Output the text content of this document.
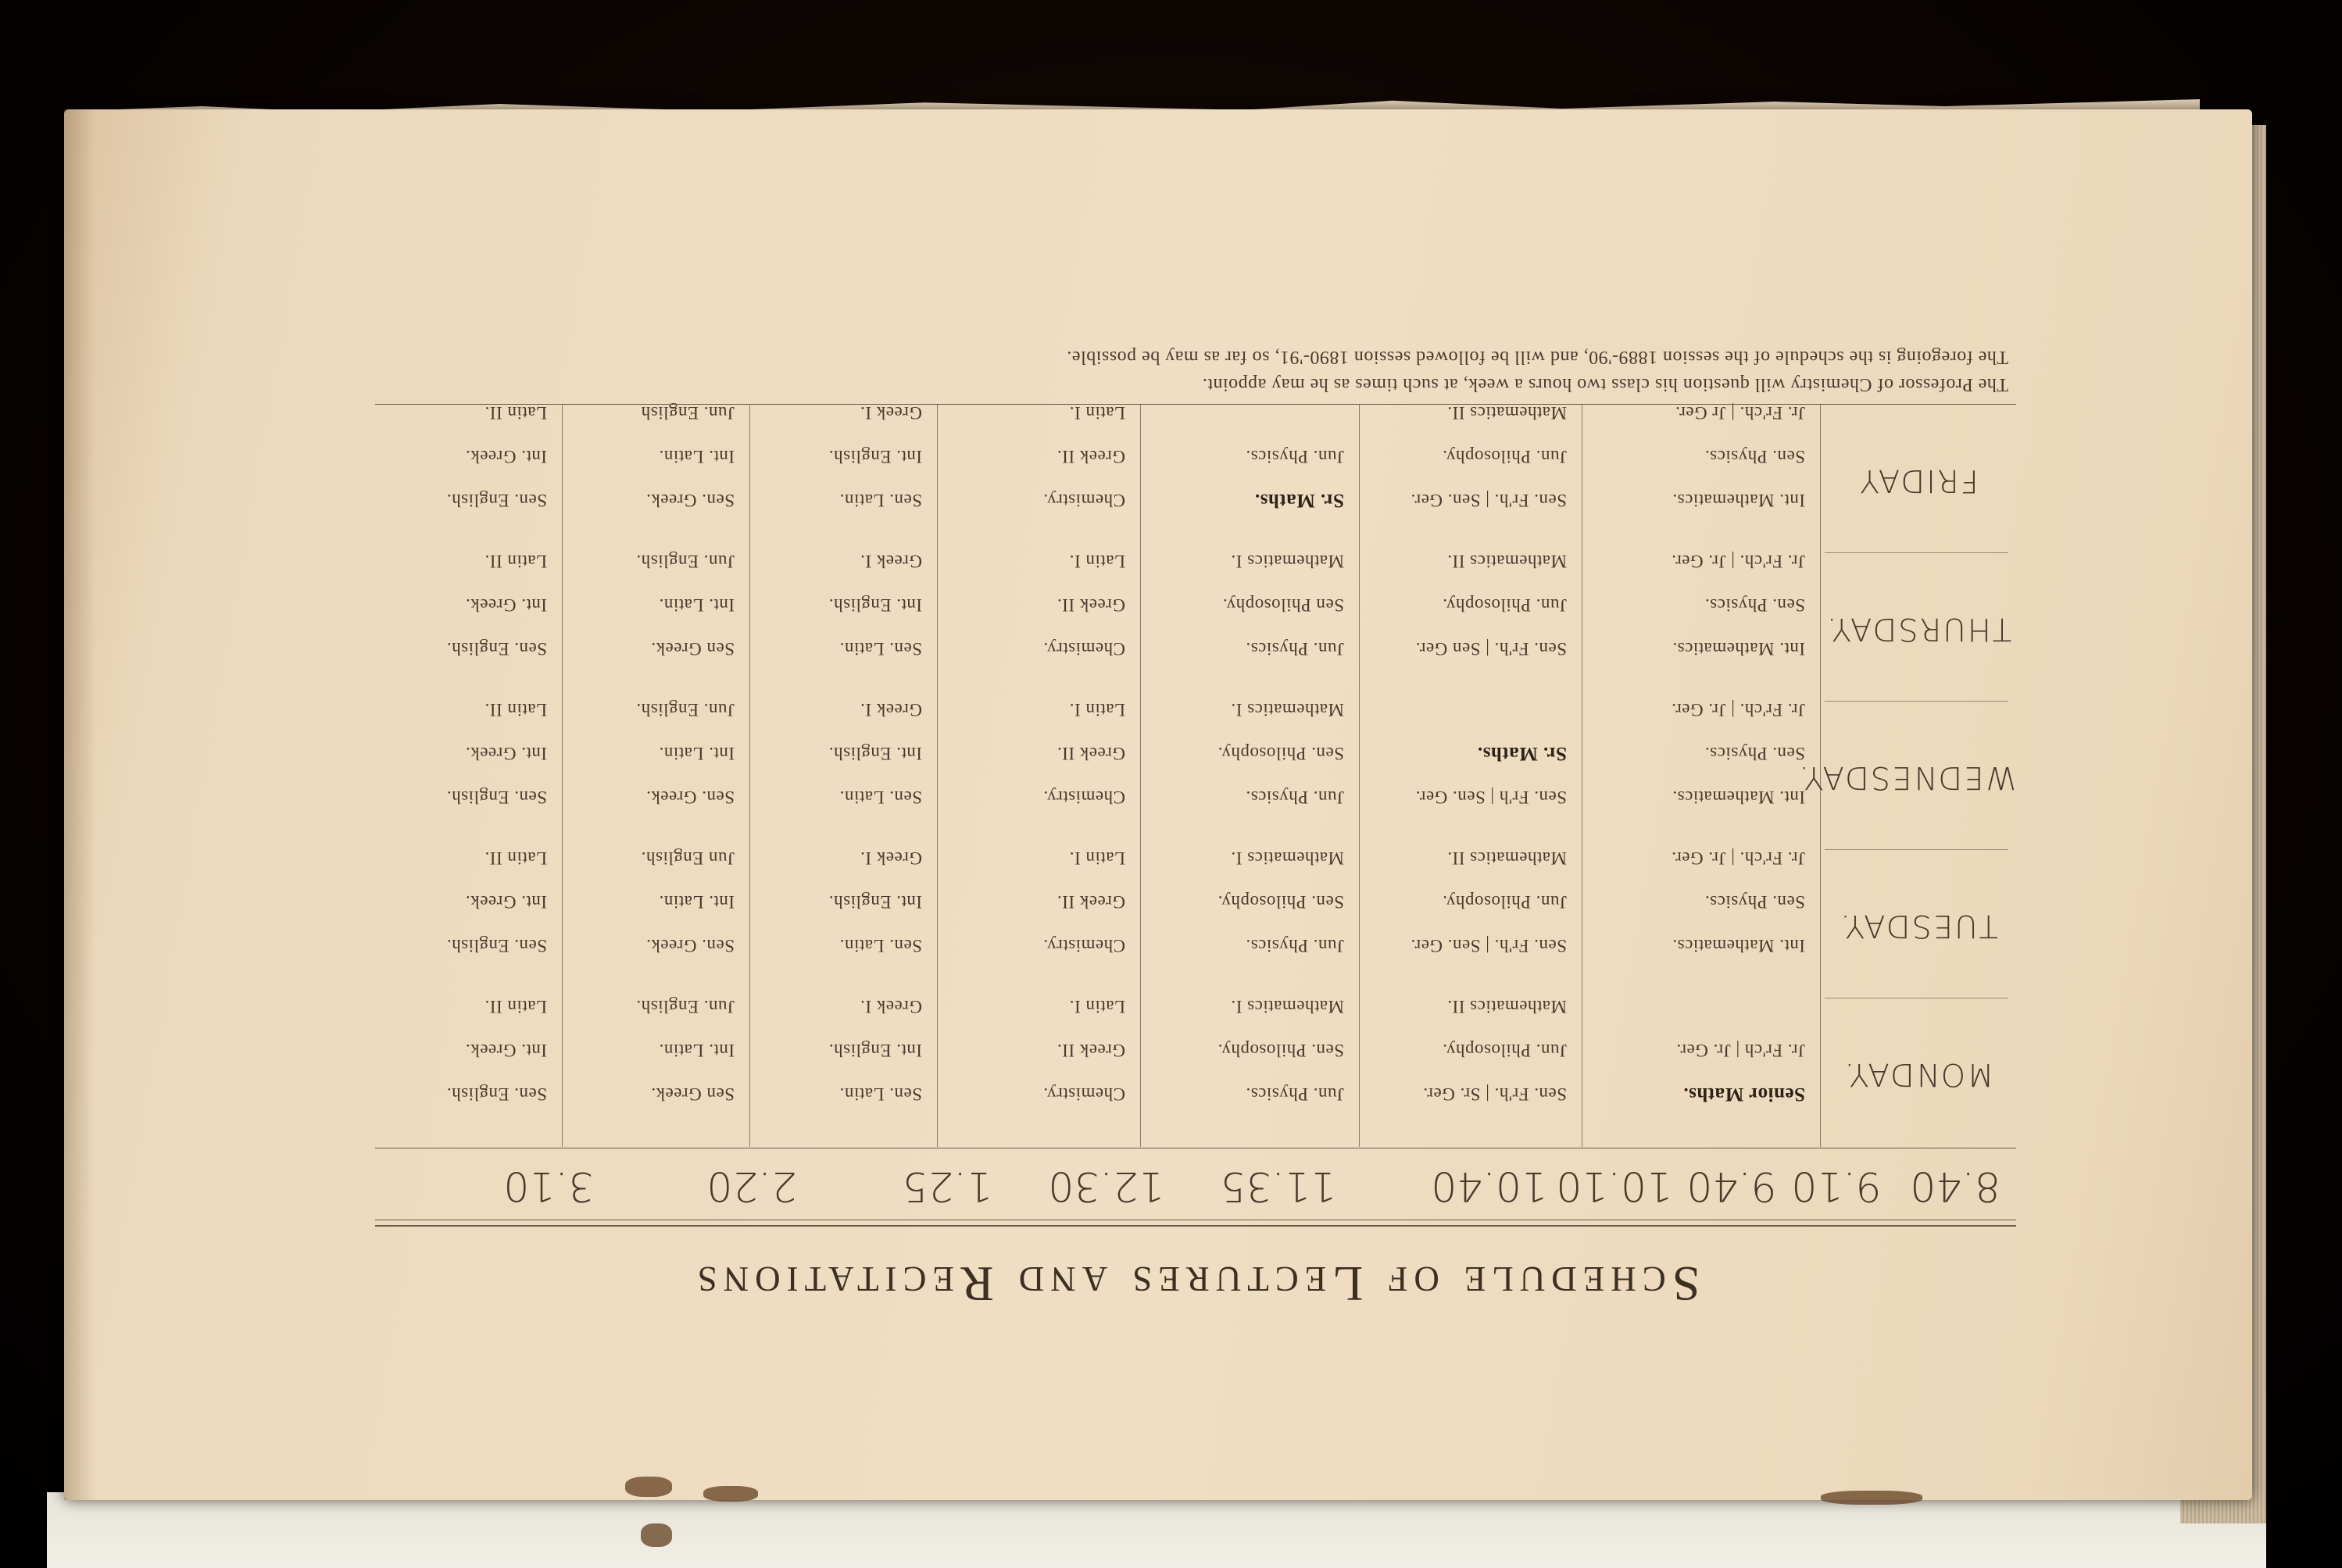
Schedule of Lectures and Recitations
8.40
9.10
9.40
10.10
10.40
11.35
12.30
1.25
2.20
3.10
MONDAY.
Senior Maths.
Jr. Fr'ch | Jr. Ger.
Sen. Fr'h. | Sr. Ger.
Jun. Philosophy.
Mathematics II.
Jun. Physics.
Sen. Philosophy.
Mathematics I.
Chemistry.
Greek II.
Latin I.
Sen. Latin.
Int. English.
Greek I.
Sen Greek.
Int. Latin.
Jun. English.
Sen. English.
Int. Greek.
Latin II.
TUESDAY.
Int. Mathematics.
Sen. Physics.
Jr. Fr'ch. | Jr. Ger.
Sen. Fr'h. | Sen. Ger.
Jun. Philosophy.
Mathematics II.
Jun. Physics.
Sen. Philosophy.
Mathematics I.
Chemistry.
Greek II.
Latin I.
Sen. Latin.
Int. English.
Greek I.
Sen. Greek.
Int. Latin.
Jun English.
Sen. English.
Int. Greek.
Latin II.
WEDNESDAY.
Int. Mathematics.
Sen. Physics.
Jr. Fr'ch. | Jr. Ger.
Sen. Fr'h | Sen. Ger.
Sr. Maths.
Jun. Physics.
Sen. Philosophy.
Mathematics I.
Chemistry.
Greek II.
Latin I.
Sen. Latin.
Int. English.
Greek I.
Sen. Greek.
Int. Latin.
Jun. English.
Sen. English.
Int. Greek.
Latin II.
THURSDAY.
Int. Mathematics.
Sen. Physics.
Jr. Fr'ch. | Jr. Ger.
Sen. Fr'h. | Sen Ger.
Jun. Philosophy.
Mathematics II.
Jun. Physics.
Sen Philosophy.
Mathematics I.
Chemistry.
Greek II.
Latin I.
Sen. Latin.
Int. English.
Greek I.
Sen Greek.
Int. Latin.
Jun. English.
Sen. English.
Int. Greek.
Latin II.
FRIDAY
Int. Mathematics.
Sen. Physics.
Jr. Fr'ch. | Jr Ger.
Sen. Fr'h. | Sen. Ger.
Jun. Philosophy.
Mathematics II.
Sr. Maths.
Jun. Physics.
Chemistry.
Greek II.
Latin I.
Sen. Latin.
Int. English.
Greek I.
Sen. Greek.
Int. Latin.
Jun. English
Sen. English.
Int. Greek.
Latin II.
The Professor of Chemistry will question his class two hours a week, at such times as he may appoint.
The foregoing is the schedule of the session 1889-'90, and will be followed session 1890-'91, so far as may be possible.
